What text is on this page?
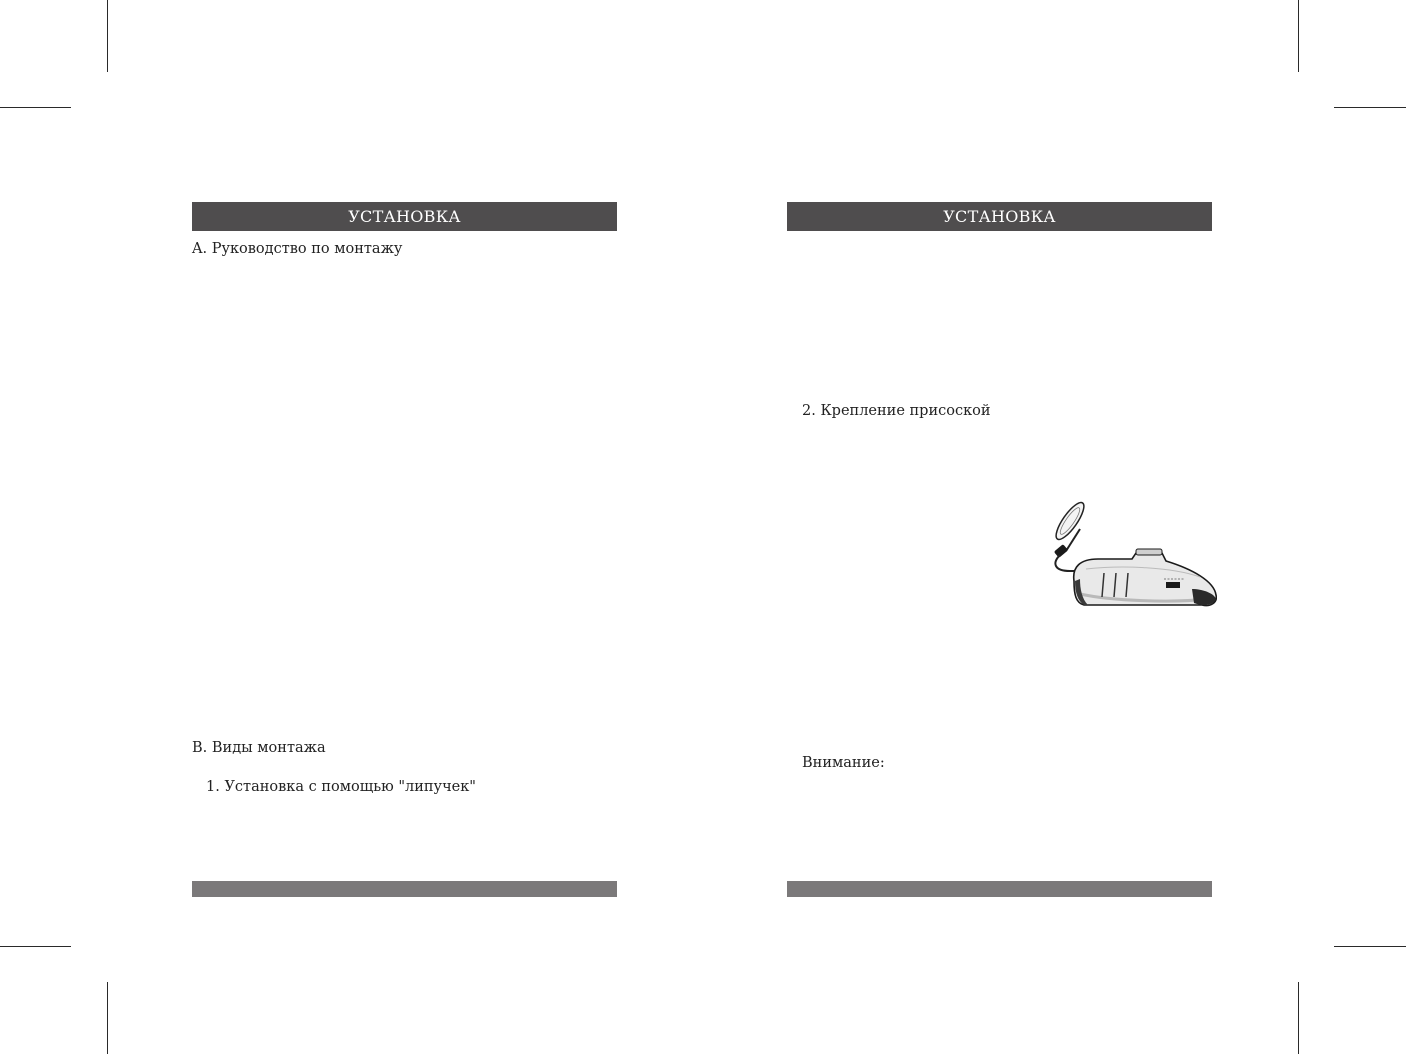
УСТАНОВКА
A. Руководство по монтажу
B. Виды монтажа
1. Установка с помощью "липучек"
УСТАНОВКА
2. Крепление присоской
Внимание:
